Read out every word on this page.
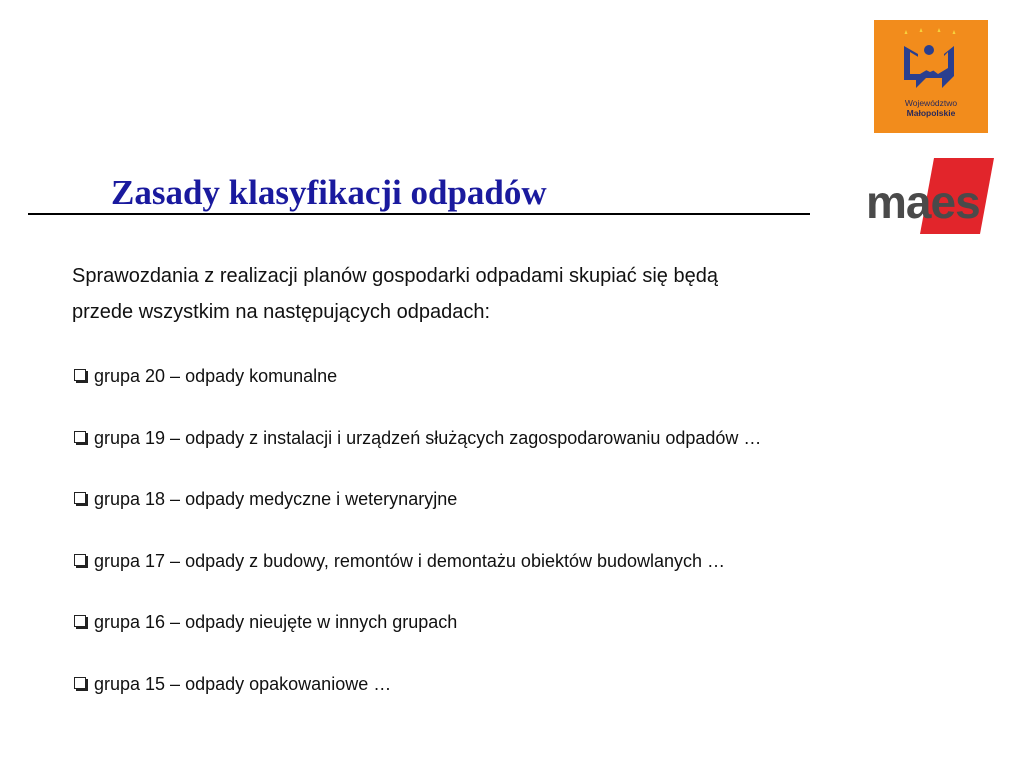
Województwo
Małopolskie
Zasady klasyfikacji odpadów	maes

Sprawozdania z realizacji planów gospodarki odpadami skupiać się będą
przede wszystkim na następujących odpadach:

grupa 20 – odpady komunalne
grupa 19 – odpady z instalacji i urządzeń służących zagospodarowaniu odpadów …
grupa 18 – odpady medyczne i weterynaryjne
grupa 17 – odpady z budowy, remontów i demontażu obiektów budowlanych …
grupa 16 – odpady nieujęte w innych grupach
grupa 15 – odpady opakowaniowe …
